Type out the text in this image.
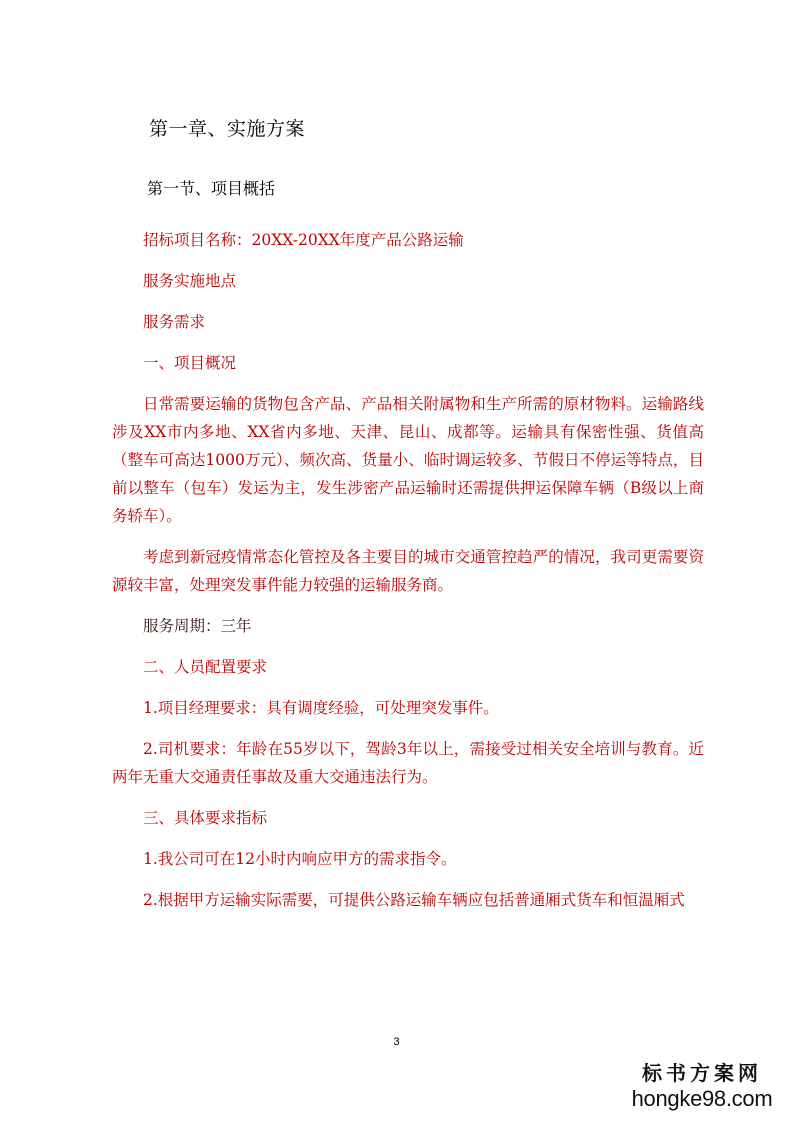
第一章、实施方案
第一节、项目概括

招标项目名称：20XX-20XX年度产品公路运输

服务实施地点

服务需求

一、项目概况

日常需要运输的货物包含产品、产品相关附属物和生产所需的原材物料。运输路线涉及XX市内多地、XX省内多地、天津、昆山、成都等。运输具有保密性强、货值高（整车可高达1000万元）、频次高、货量小、临时调运较多、节假日不停运等特点，目前以整车（包车）发运为主，发生涉密产品运输时还需提供押运保障车辆（B级以上商务轿车）。

考虑到新冠疫情常态化管控及各主要目的城市交通管控趋严的情况，我司更需要资源较丰富，处理突发事件能力较强的运输服务商。

服务周期：三年

二、人员配置要求

1.项目经理要求：具有调度经验，可处理突发事件。

2.司机要求：年龄在55岁以下，驾龄3年以上，需接受过相关安全培训与教育。近两年无重大交通责任事故及重大交通违法行为。

三、具体要求指标

1.我公司可在12小时内响应甲方的需求指令。

2.根据甲方运输实际需要，可提供公路运输车辆应包括普通厢式货车和恒温厢式

3
标书方案网
hongke98.com
